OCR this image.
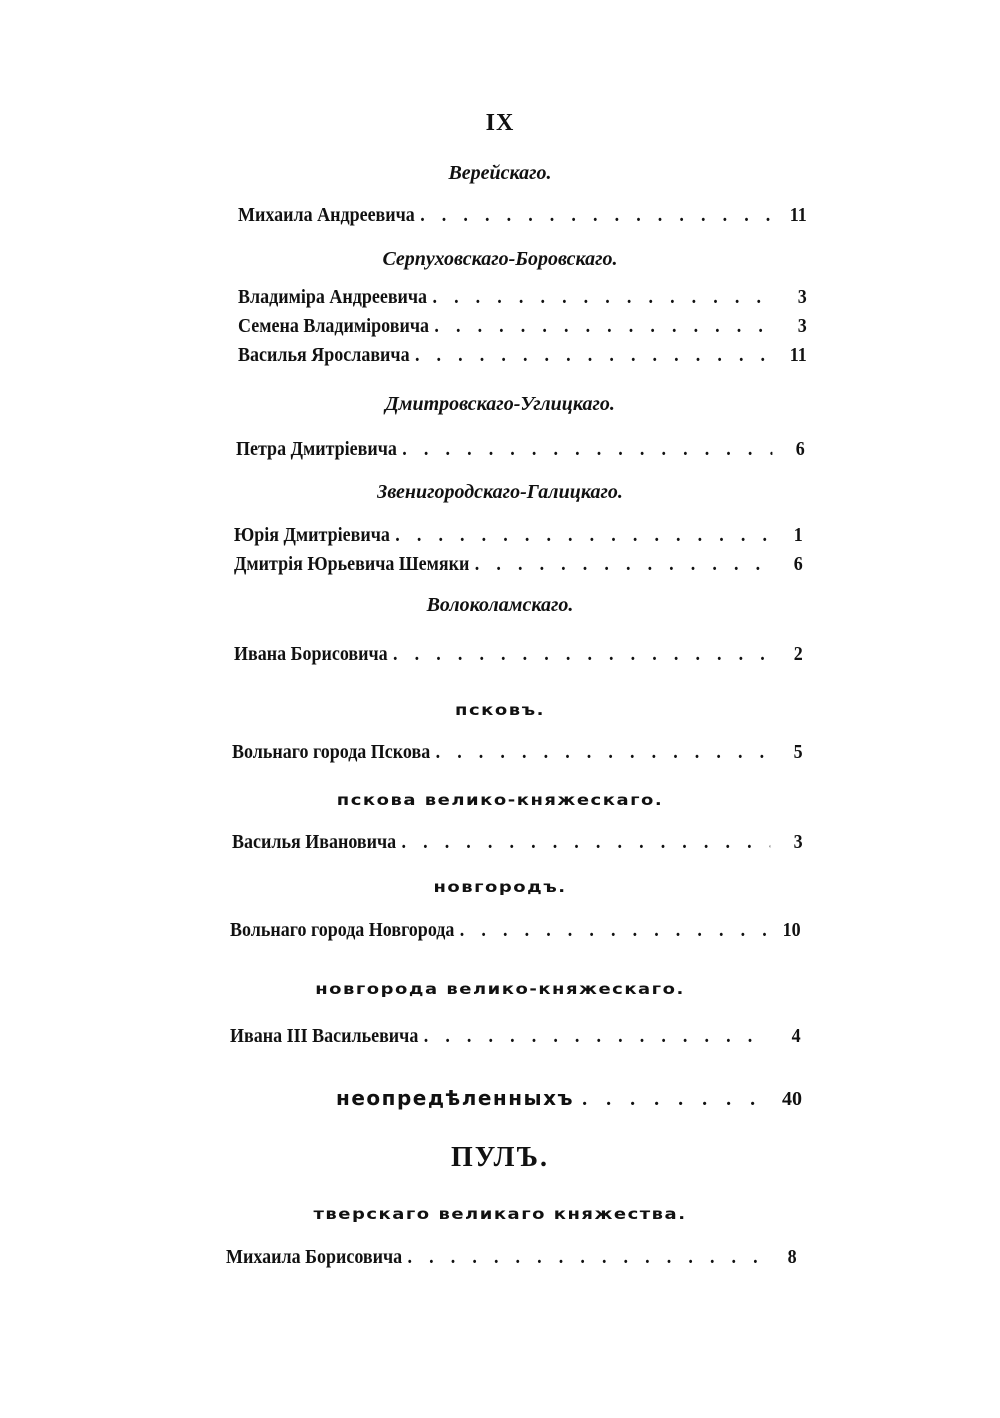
IX
Верейскаго.
Михаила Андреевича . . .	11
Серпуховскаго-Боровскаго.
Владиміра Андреевича . . .	3
Семена Владиміровича . . .	3
Василья Ярославича . . .	11
Дмитровскаго-Углицкаго.
Петра Дмитріевича . . .	6
Звенигородскаго-Галицкаго.
Юрія Дмитріевича . . .	1
Дмитрія Юрьевича Шемяки . . .	6
Волоколамскаго.
Ивана Борисовича . . .	2
псковъ.
Вольнаго города Пскова . . .	5
пскова велико-княжескаго.
Василья Ивановича . . .	3
новгородъ.
Вольнаго города Новгорода . . .	10
новгорода велико-княжескаго.
Ивана III Васильевича . . .	4
неопредѣленныхъ . . .	40
ПУЛЪ.
тверскаго великаго княжества.
Михаила Борисовича . . .	8
